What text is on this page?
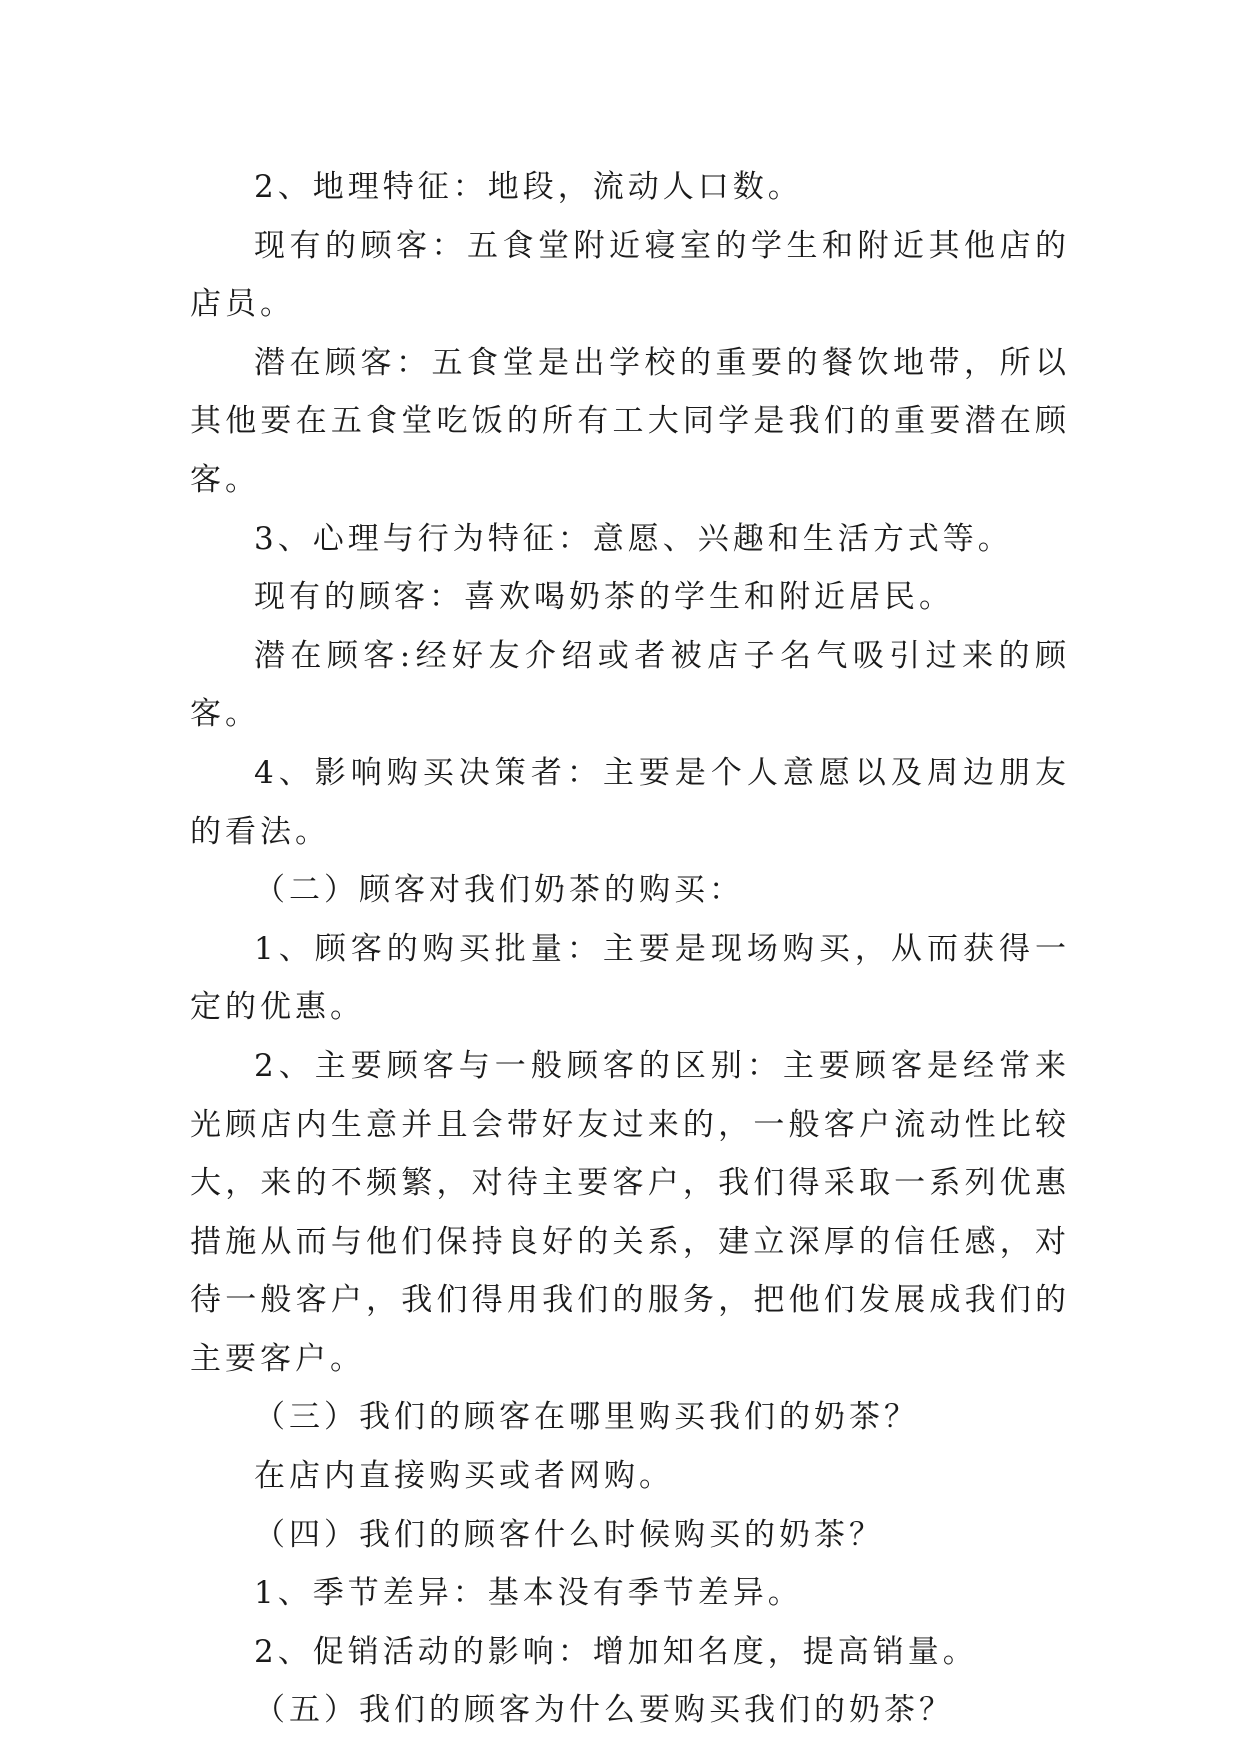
2、地理特征：地段，流动人口数。

现有的顾客：五食堂附近寝室的学生和附近其他店的店员。

潜在顾客：五食堂是出学校的重要的餐饮地带，所以其他要在五食堂吃饭的所有工大同学是我们的重要潜在顾客。

3、心理与行为特征：意愿、兴趣和生活方式等。

现有的顾客：喜欢喝奶茶的学生和附近居民。

潜在顾客:经好友介绍或者被店子名气吸引过来的顾客。

4、影响购买决策者：主要是个人意愿以及周边朋友的看法。

（二）顾客对我们奶茶的购买：

1、顾客的购买批量：主要是现场购买，从而获得一定的优惠。

2、主要顾客与一般顾客的区别：主要顾客是经常来光顾店内生意并且会带好友过来的，一般客户流动性比较大，来的不频繁，对待主要客户，我们得采取一系列优惠措施从而与他们保持良好的关系，建立深厚的信任感，对待一般客户，我们得用我们的服务，把他们发展成我们的主要客户。

（三）我们的顾客在哪里购买我们的奶茶？

在店内直接购买或者网购。

（四）我们的顾客什么时候购买的奶茶？

1、季节差异：基本没有季节差异。

2、促销活动的影响：增加知名度，提高销量。

（五）我们的顾客为什么要购买我们的奶茶？
